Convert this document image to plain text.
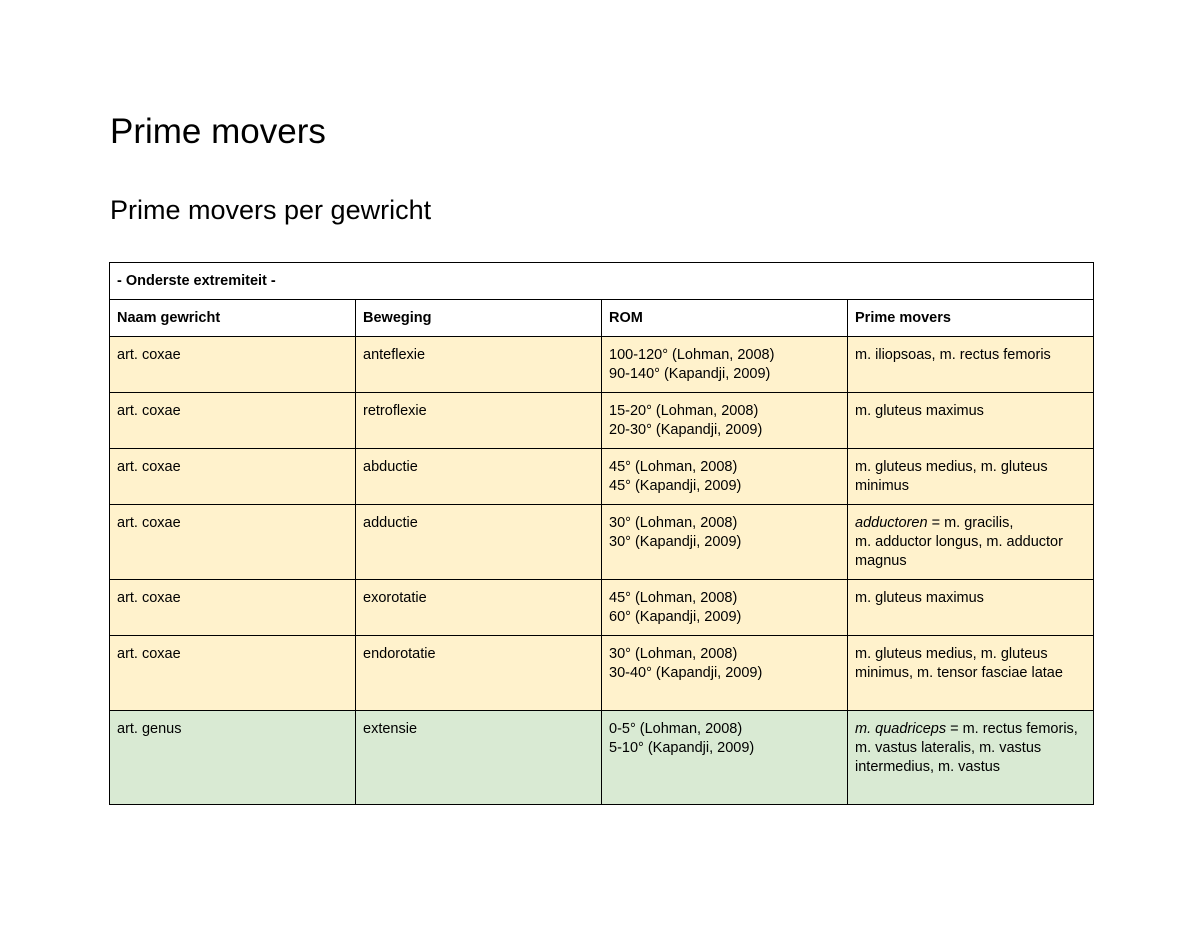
Prime movers
Prime movers per gewricht
- Onderste extremiteit -			
Naam gewricht	Beweging	ROM	Prime movers
art. coxae	anteflexie	100-120° (Lohman, 2008)
90-140° (Kapandji, 2009)	m. iliopsoas, m. rectus femoris
art. coxae	retroflexie	15-20° (Lohman, 2008)
20-30° (Kapandji, 2009)	m. gluteus maximus
art. coxae	abductie	45° (Lohman, 2008)
45° (Kapandji, 2009)	m. gluteus medius, m. gluteus minimus
art. coxae	adductie	30° (Lohman, 2008)
30° (Kapandji, 2009)	adductoren = m. gracilis,
m. adductor longus, m. adductor magnus

art. coxae	exorotatie	45° (Lohman, 2008)
60° (Kapandji, 2009)	m. gluteus maximus
art. coxae	endorotatie	30° (Lohman, 2008)
30-40° (Kapandji, 2009)	m. gluteus medius, m. gluteus minimus, m. tensor fasciae latae
art. genus	extensie	0-5° (Lohman, 2008)
5-10° (Kapandji, 2009)	m. quadriceps = m. rectus femoris,
m. vastus lateralis, m. vastus intermedius, m. vastus
